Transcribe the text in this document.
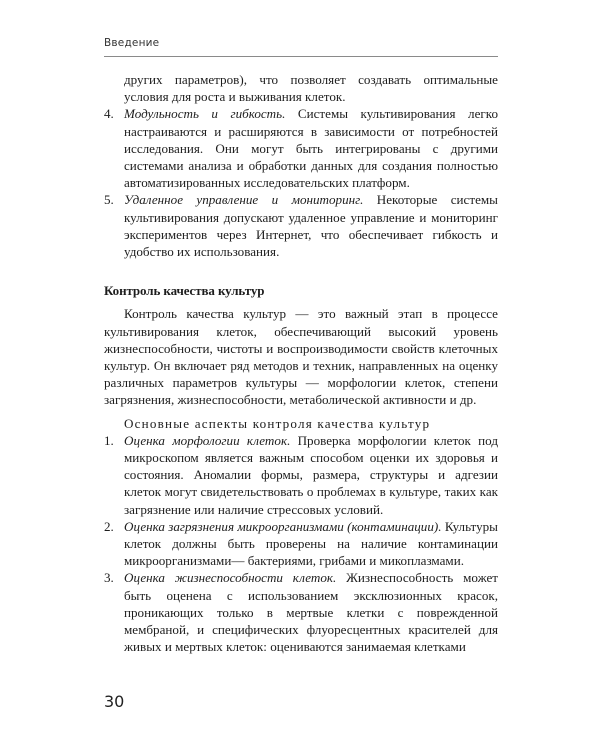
Введение

других параметров), что позволяет создавать оптимальные условия для роста и выживания клеток.

4. Модульность и гибкость. Системы культивирования легко настраиваются и расширяются в зависимости от потребностей исследования. Они могут быть интегрированы с другими системами анализа и обработки данных для создания полностью автоматизированных исследовательских платформ.

5. Удаленное управление и мониторинг. Некоторые системы культивирования допускают удаленное управление и мониторинг экспериментов через Интернет, что обеспечивает гибкость и удобство их использования.

Контроль качества культур

Контроль качества культур — это важный этап в процессе культивирования клеток, обеспечивающий высокий уровень жизнеспособности, чистоты и воспроизводимости свойств клеточных культур. Он включает ряд методов и техник, направленных на оценку различных параметров культуры — морфологии клеток, степени загрязнения, жизнеспособности, метаболической активности и др.

Основные аспекты контроля качества культур

1. Оценка морфологии клеток. Проверка морфологии клеток под микроскопом является важным способом оценки их здоровья и состояния. Аномалии формы, размера, структуры и адгезии клеток могут свидетельствовать о проблемах в культуре, таких как загрязнение или наличие стрессовых условий.

2. Оценка загрязнения микроорганизмами (контаминации). Культуры клеток должны быть проверены на наличие контаминации микроорганизмами— бактериями, грибами и микоплазмами.

3. Оценка жизнеспособности клеток. Жизнеспособность может быть оценена с использованием эксклюзионных красок, проникающих только в мертвые клетки с поврежденной мембраной, и специфических флуоресцентных красителей для живых и мертвых клеток: оцениваются занимаемая клетками

30
